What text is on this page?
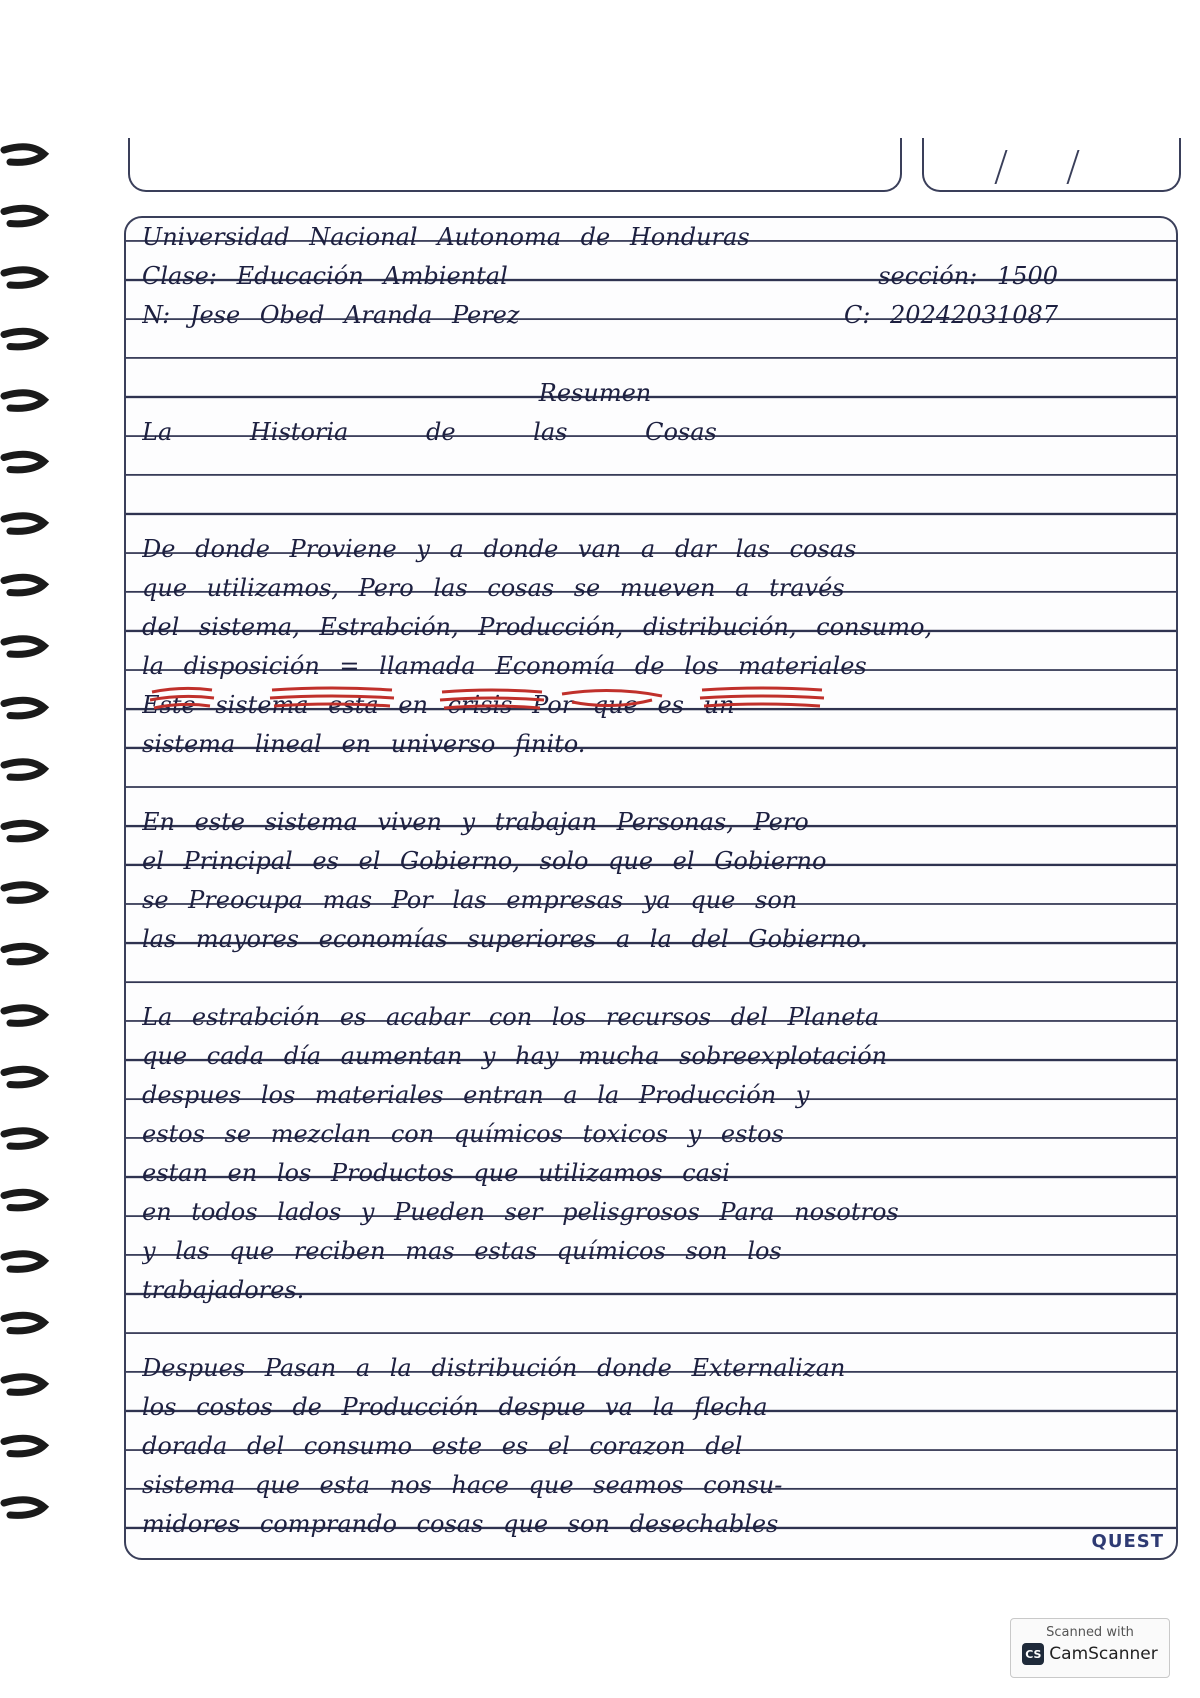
Universidad Nacional Autonoma de Honduras
Clase: Educación Ambiental	sección: 1500
N: Jese Obed Aranda Perez	C: 20242031087
Resumen
La Historia de las Cosas
De donde Proviene y a donde van a dar las cosas
que utilizamos, Pero las cosas se mueven a través
del sistema, Estrabción, Producción, distribución, consumo,
la disposición = llamada Economía de los materiales
Este sistema esta en crisis Por que es un
sistema lineal en universo finito.
En este sistema viven y trabajan Personas, Pero
el Principal es el Gobierno, solo que el Gobierno
se Preocupa mas Por las empresas ya que son
las mayores economías superiores a la del Gobierno.
La estrabción es acabar con los recursos del Planeta
que cada día aumentan y hay mucha sobreexplotación
despues los materiales entran a la Producción y
estos se mezclan con químicos toxicos y estos
estan en los Productos que utilizamos casi
en todos lados y Pueden ser pelisgrosos Para nosotros
y las que reciben mas estas químicos son los
trabajadores.
Despues Pasan a la distribución donde Externalizan
los costos de Producción despue va la flecha
dorada del consumo este es el corazon del
sistema que esta nos hace que seamos consu-
midores comprando cosas que son desechables
QUEST
Scanned with
CS CamScanner
